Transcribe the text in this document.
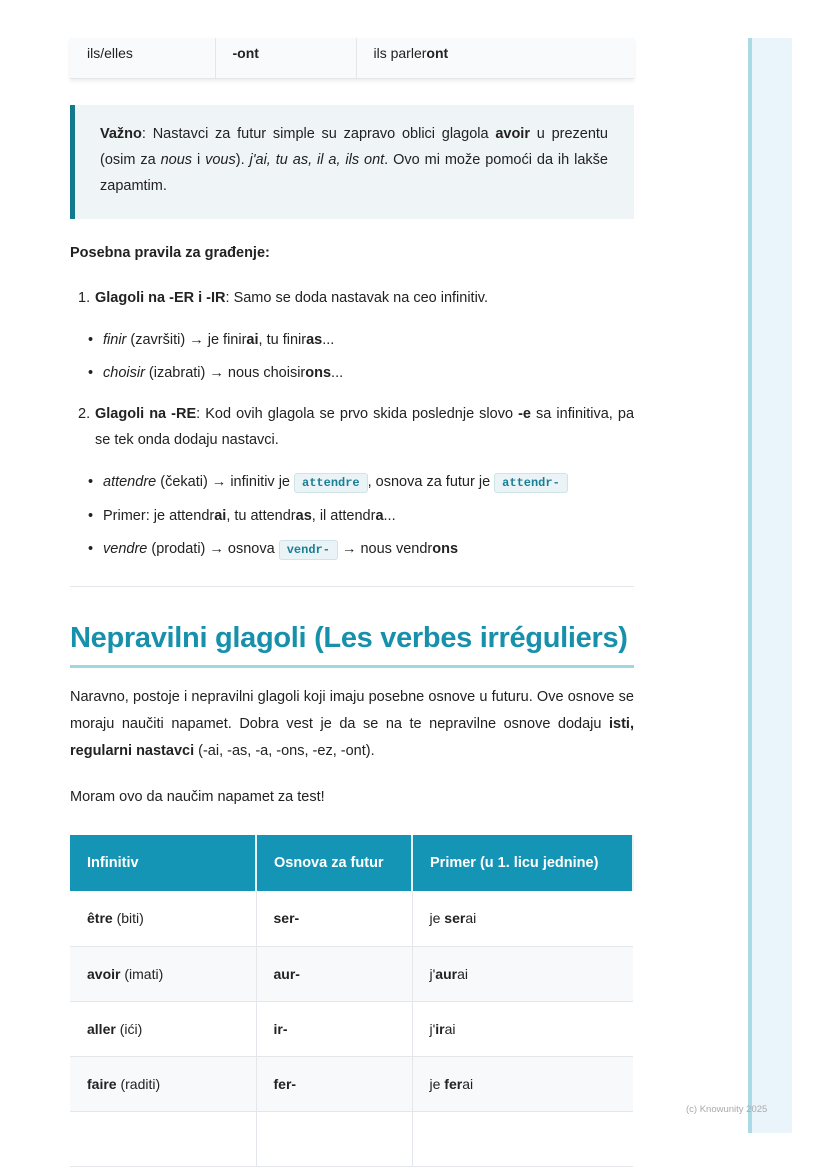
ils/elles	-ont	ils parleront
Važno: Nastavci za futur simple su zapravo oblici glagola avoir u prezentu (osim za nous i vous). j'ai, tu as, il a, ils ont. Ovo mi može pomoći da ih lakše zapamtim.
Posebna pravila za građenje:
1. Glagoli na -ER i -IR: Samo se doda nastavak na ceo infinitiv.
• finir (završiti) → je finirai, tu finiras...
• choisir (izabrati) → nous choisirons...
2. Glagoli na -RE: Kod ovih glagola se prvo skida poslednje slovo -e sa infinitiva, pa se tek onda dodaju nastavci.
• attendre (čekati) → infinitiv je attendre , osnova za futur je attendr-
• Primer: je attendrai, tu attendras, il attendra...
• vendre (prodati) → osnova vendr- → nous vendrons
Nepravilni glagoli (Les verbes irréguliers)
Naravno, postoje i nepravilni glagoli koji imaju posebne osnove u futuru. Ove osnove se moraju naučiti napamet. Dobra vest je da se na te nepravilne osnove dodaju isti, regularni nastavci (-ai, -as, -a, -ons, -ez, -ont).
Moram ovo da naučim napamet za test!
Infinitiv	Osnova za futur	Primer (u 1. licu jednine)
être (biti)	ser-	je serai
avoir (imati)	aur-	j'aurai
aller (ići)	ir-	j'irai
faire (raditi)	fer-	je ferai

(c) Knowunity 2025
